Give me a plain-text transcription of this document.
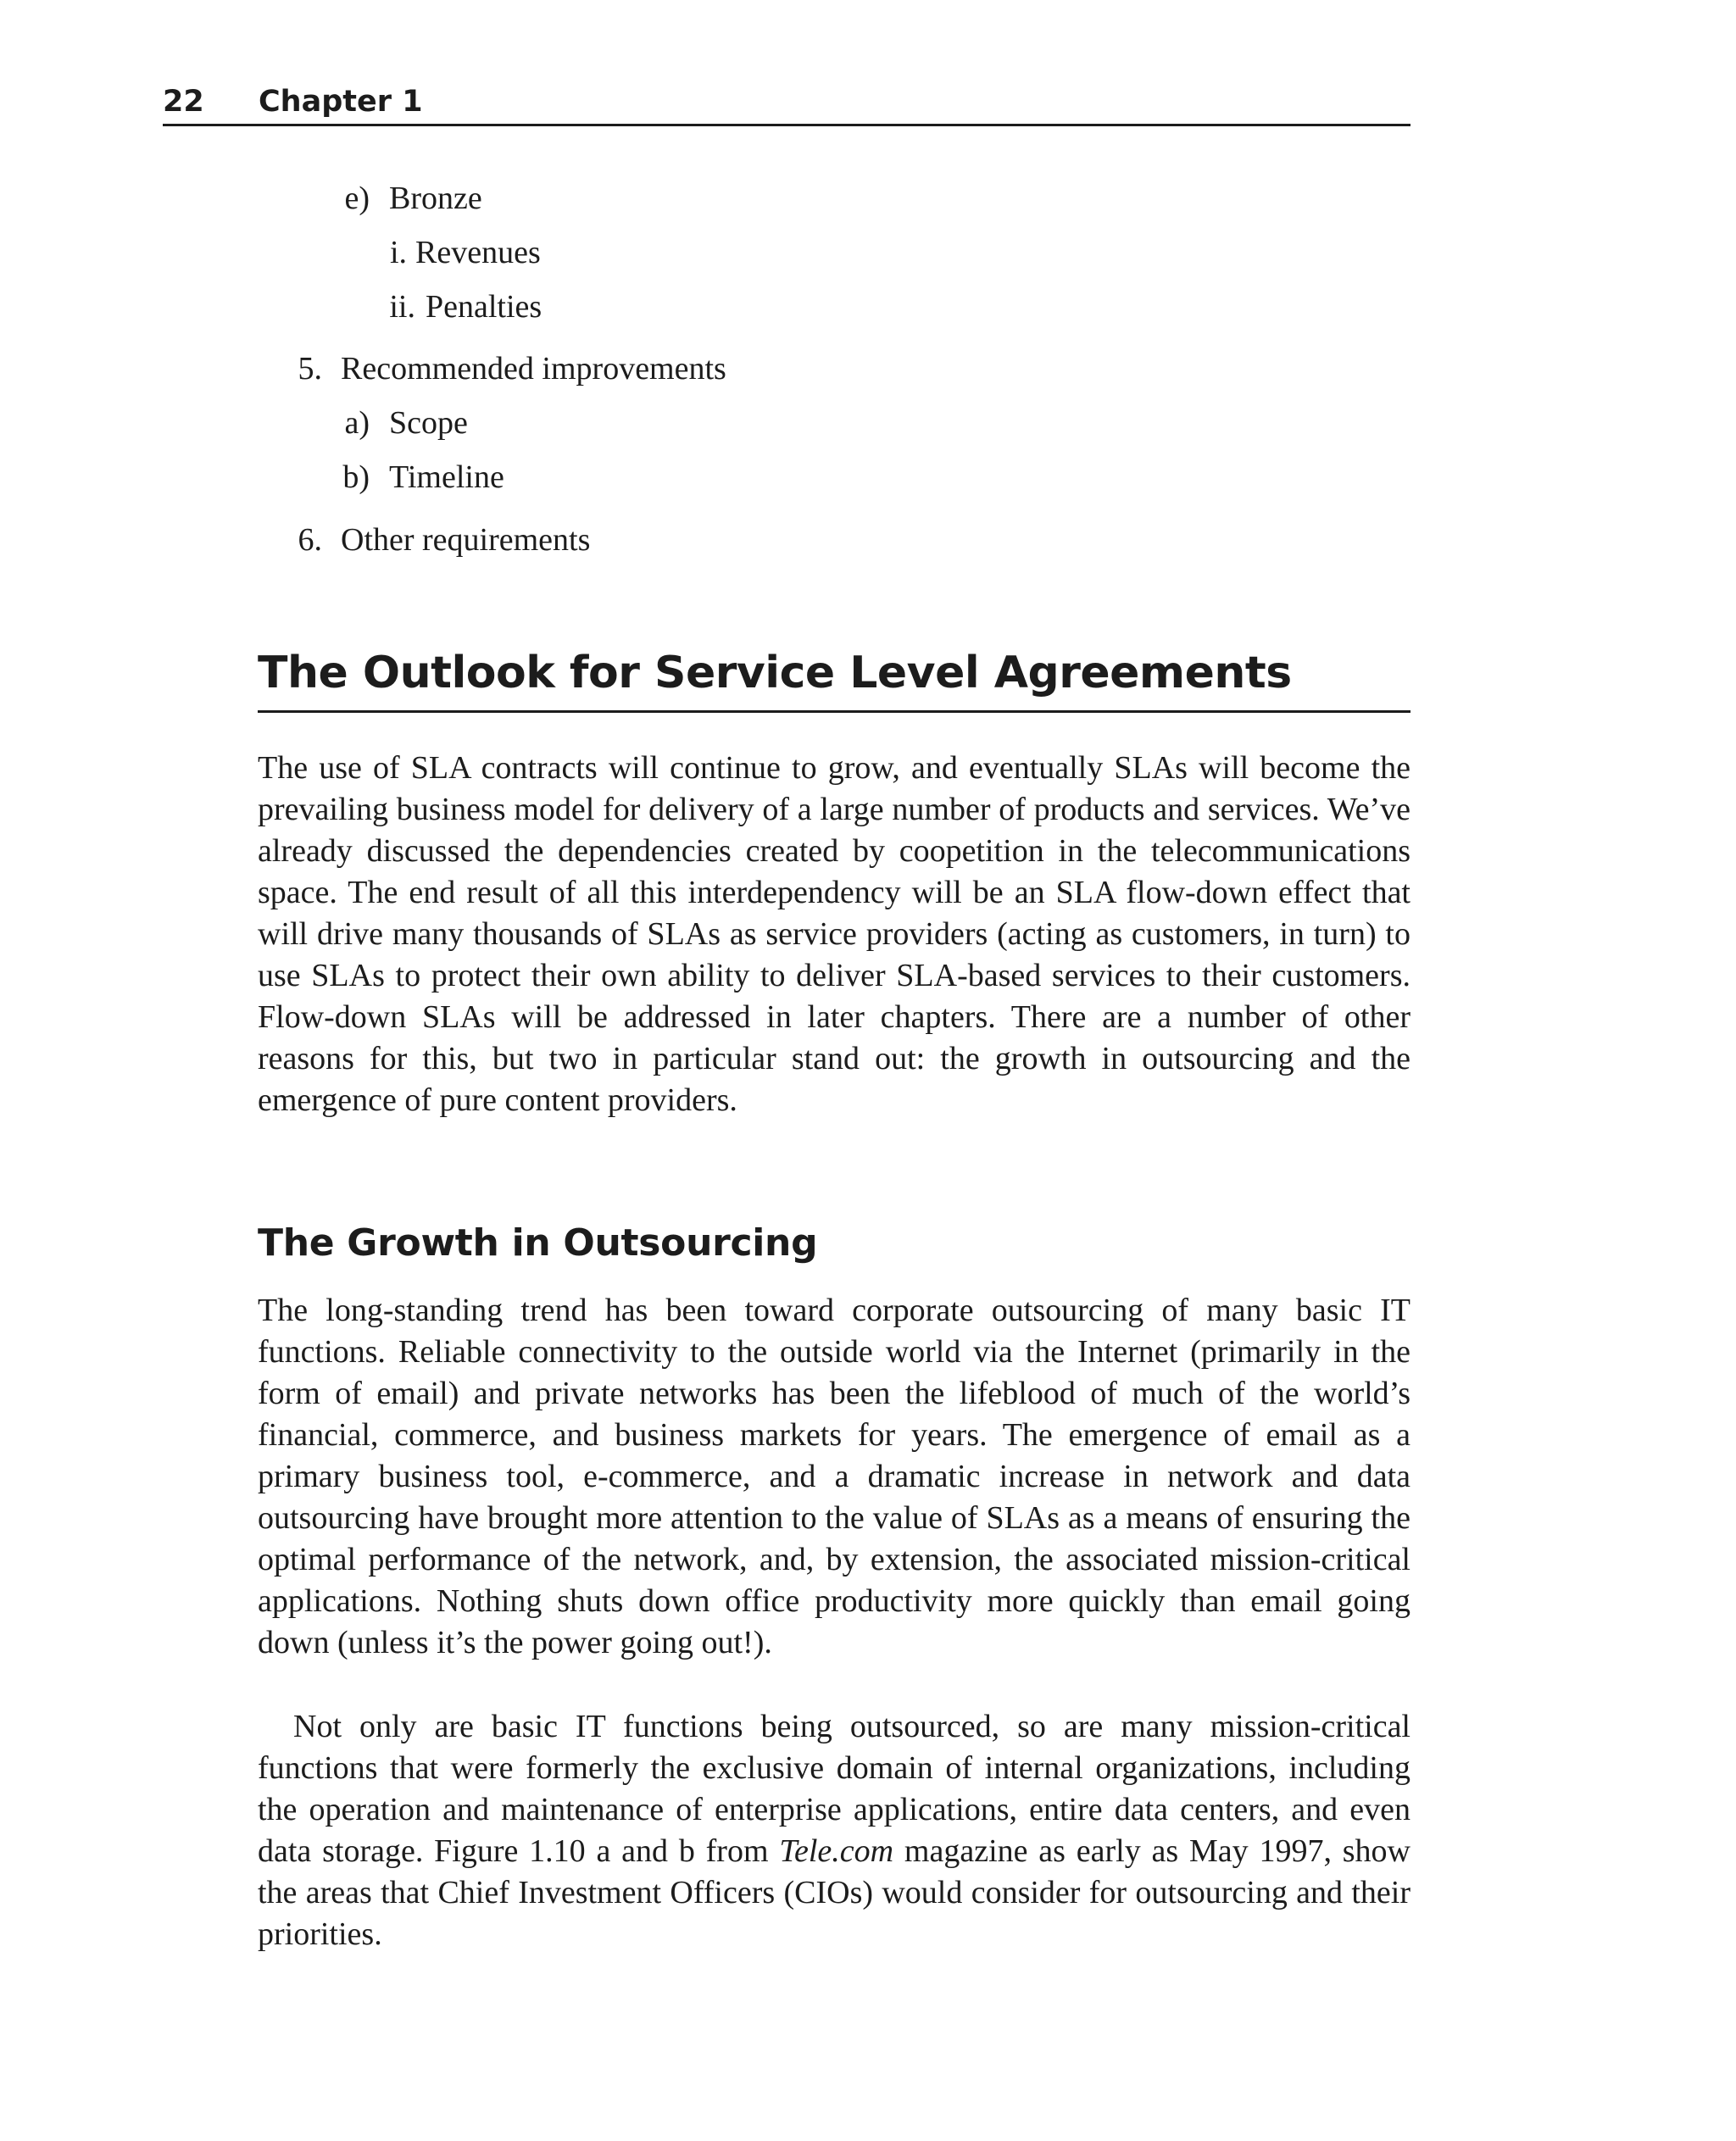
22 Chapter 1
e) Bronze
i. Revenues
ii. Penalties
5. Recommended improvements
a) Scope
b) Timeline
6. Other requirements
The Outlook for Service Level Agreements

The use of SLA contracts will continue to grow, and eventually SLAs will become the prevailing business model for delivery of a large number of products and services. We’ve already discussed the dependencies created by coopetition in the telecommunications space. The end result of all this interdependency will be an SLA flow-down effect that will drive many thousands of SLAs as service providers (acting as customers, in turn) to use SLAs to protect their own ability to deliver SLA-based services to their customers. Flow-down SLAs will be addressed in later chapters. There are a number of other reasons for this, but two in particular stand out: the growth in outsourcing and the emergence of pure content providers.

The Growth in Outsourcing

The long-standing trend has been toward corporate outsourcing of many basic IT functions. Reliable connectivity to the outside world via the Internet (primarily in the form of email) and private networks has been the lifeblood of much of the world’s financial, commerce, and business markets for years. The emergence of email as a primary business tool, e-commerce, and a dramatic increase in network and data outsourcing have brought more attention to the value of SLAs as a means of ensuring the optimal performance of the network, and, by extension, the associated mission-critical applications. Nothing shuts down office productivity more quickly than email going down (unless it’s the power going out!).

Not only are basic IT functions being outsourced, so are many mission-critical functions that were formerly the exclusive domain of internal organizations, including the operation and maintenance of enterprise applications, entire data centers, and even data storage. Figure 1.10 a and b from Tele.com magazine as early as May 1997, show the areas that Chief Investment Officers (CIOs) would consider for outsourcing and their priorities.
